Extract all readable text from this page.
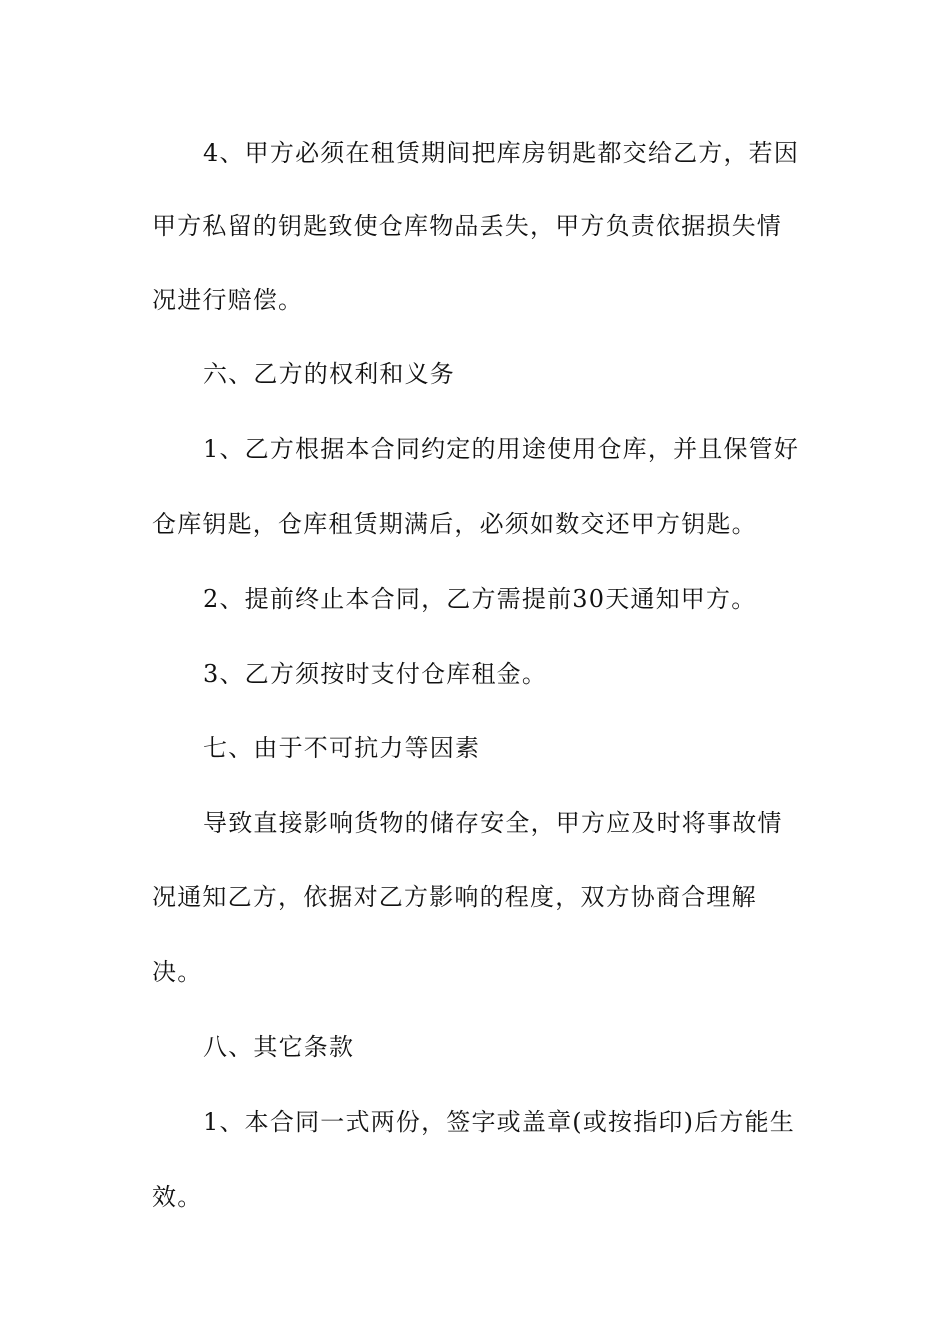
4、甲方必须在租赁期间把库房钥匙都交给乙方，若因
甲方私留的钥匙致使仓库物品丢失，甲方负责依据损失情
况进行赔偿。
六、乙方的权利和义务
1、乙方根据本合同约定的用途使用仓库，并且保管好
仓库钥匙，仓库租赁期满后，必须如数交还甲方钥匙。
2、提前终止本合同，乙方需提前30天通知甲方。
3、乙方须按时支付仓库租金。
七、由于不可抗力等因素
导致直接影响货物的储存安全，甲方应及时将事故情
况通知乙方，依据对乙方影响的程度，双方协商合理解
决。
八、其它条款
1、本合同一式两份，签字或盖章(或按指印)后方能生
效。
